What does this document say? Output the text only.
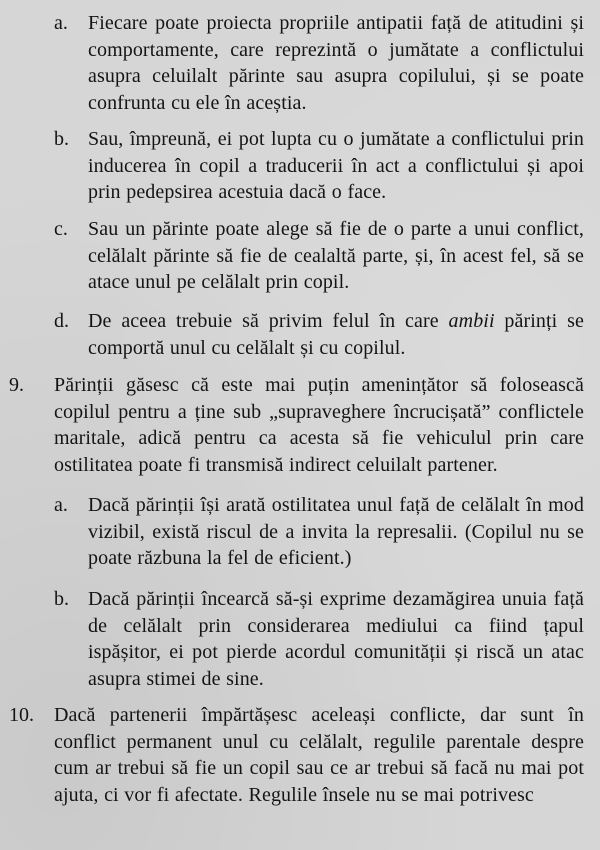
a. Fiecare poate proiecta propriile antipatii față de atitudini și comportamente, care reprezintă o jumătate a conflictului asupra celuilalt părinte sau asupra copilului, și se poate confrunta cu ele în aceștia.

b. Sau, împreună, ei pot lupta cu o jumătate a conflictului prin inducerea în copil a traducerii în act a conflictului și apoi prin pedepsirea acestuia dacă o face.

c. Sau un părinte poate alege să fie de o parte a unui conflict, celălalt părinte să fie de cealaltă parte, și, în acest fel, să se atace unul pe celălalt prin copil.

d. De aceea trebuie să privim felul în care ambii părinți se comportă unul cu celălalt și cu copilul.

9. Părinții găsesc că este mai puțin amenințător să folosească copilul pentru a ține sub „supraveghere încrucișată” conflictele maritale, adică pentru ca acesta să fie vehiculul prin care ostilitatea poate fi transmisă indirect celuilalt partener.

a. Dacă părinții își arată ostilitatea unul față de celălalt în mod vizibil, există riscul de a invita la represalii. (Copilul nu se poate răzbuna la fel de eficient.)

b. Dacă părinții încearcă să-și exprime dezamăgirea unuia față de celălalt prin considerarea mediului ca fiind țapul ispășitor, ei pot pierde acordul comunității și riscă un atac asupra stimei de sine.

10. Dacă partenerii împărtășesc aceleași conflicte, dar sunt în conflict permanent unul cu celălalt, regulile parentale despre cum ar trebui să fie un copil sau ce ar trebui să facă nu mai pot ajuta, ci vor fi afectate. Regulile însele nu se mai potrivesc
